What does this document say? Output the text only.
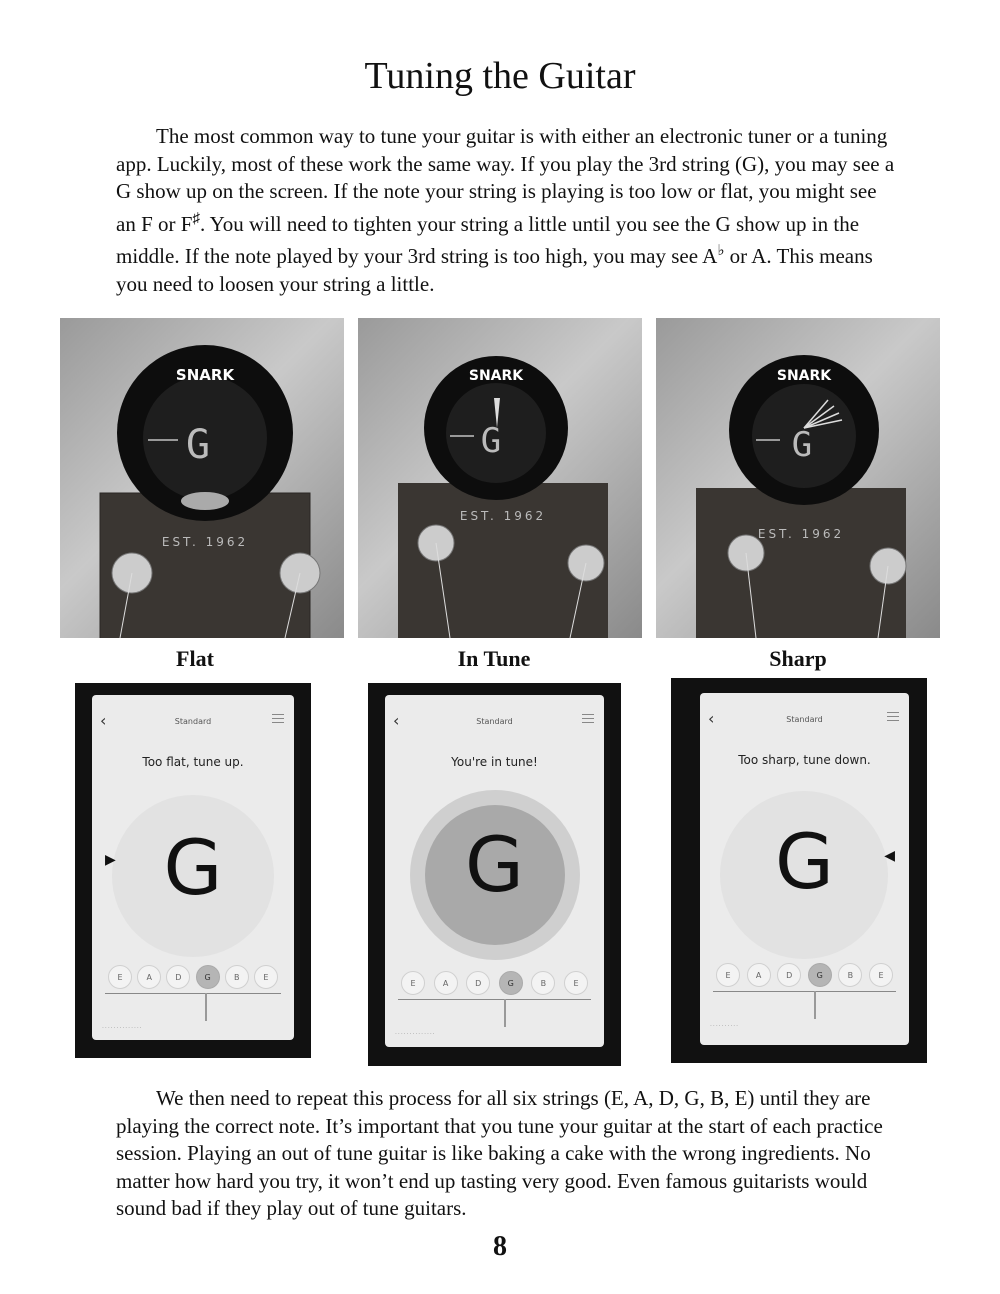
Tuning the Guitar

The most common way to tune your guitar is with either an electronic tuner or a tuning app. Luckily, most of these work the same way. If you play the 3rd string (G), you may see a G show up on the screen. If the note your string is playing is too low or flat, you might see an F or F♯. You will need to tighten your string a little until you see the G show up in the middle. If the note played by your 3rd string is too high, you may see A♭ or A. This means you need to loosen your string a little.

EST. 1962
SNARK
G
Flat
EST. 1962
SNARK
G
In Tune
EST. 1962
SNARK
G
Sharp
‹	Standard
Too flat, tune up.
G
▶
E	A	D	G	B	E
··············
‹	Standard
You're in tune!
G
E	A	D	G	B	E
··············
‹	Standard
Too sharp, tune down.
G	◀
E	A	D	G	B	E
··········

We then need to repeat this process for all six strings (E, A, D, G, B, E) until they are playing the correct note. It’s important that you tune your guitar at the start of each practice session. Playing an out of tune guitar is like baking a cake with the wrong ingredients. No matter how hard you try, it won’t end up tasting very good. Even famous guitarists would sound bad if they play out of tune guitars.

8
